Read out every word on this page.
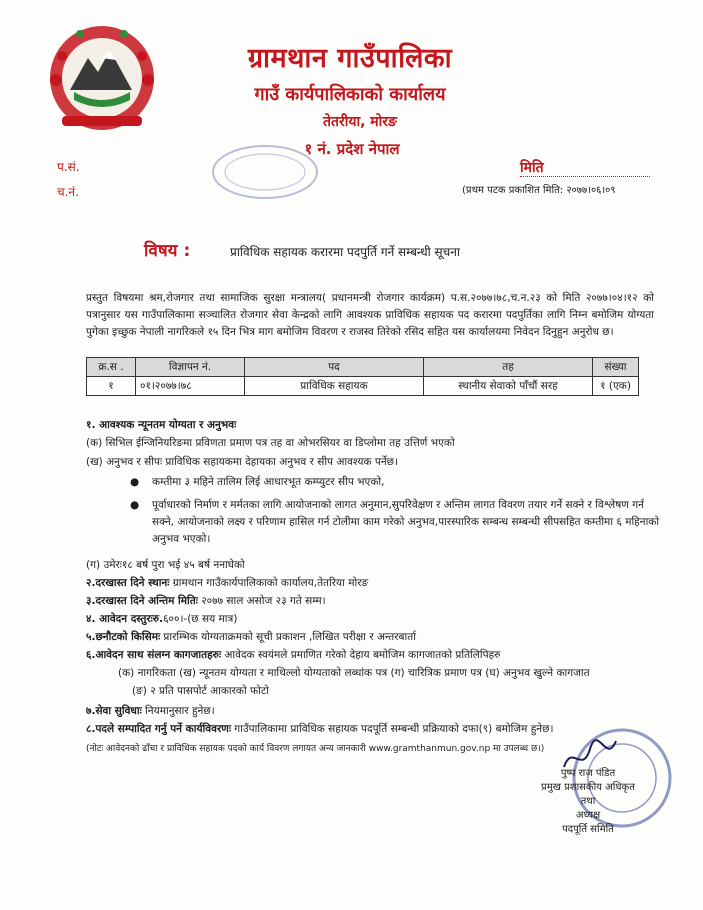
ग्रामथान गाउँपालिका
गाउँ कार्यपालिकाको कार्यालय
तेतरीया, मोरङ
१ नं. प्रदेश नेपाल
प.सं.
च.नं.
मिति
(प्रथम पटक प्रकाशित मिति: २०७७।०६।०९
विषय :	प्राविधिक सहायक करारमा पदपुर्ति गर्ने सम्बन्धी सूचना
प्रस्तुत विषयमा श्रम,रोजगार तथा सामाजिक सुरक्षा मन्त्रालय( प्रधानमन्त्री रोजगार कार्यक्रम) प.स.२०७७।७८,च.न.२३ को मिति २०७७।०४।१२ को पत्रानुसार यस गाउँपालिकामा सञ्चालित रोजगार सेवा केन्द्रको लागि आवश्यक प्राविधिक सहायक पद करारमा पदपुर्तिका लागि निम्न बमोजिम योग्यता पुगेका इच्छुक नेपाली नागरिकले १५ दिन भित्र माग बमोजिम विवरण र राजस्व तिरेको रसिद सहित यस कार्यालयमा निवेदन दिनुहुन अनुरोध छ।
क्र.स .	विज्ञापन नं.	पद	तह	संख्या
१	०१।२०७७।७८	प्राविधिक सहायक	स्थानीय सेवाको पाँचौं सरह	१ (एक)
१. आवश्यक न्यूनतम योग्यता र अनुभवः
(क) सिभिल ईन्जिनियरिङमा प्रविणता प्रमाण पत्र तह वा ओभरसियर वा डिप्लोमा तह उत्तिर्ण भएको
(ख) अनुभव र सीपः प्राविधिक सहायकमा देहायका अनुभव र सीप आवश्यक पर्नेछ।
● कम्तीमा ३ महिने तालिम लिई आधारभूत कम्प्युटर सीप भएको,
● पूर्वाधारको निर्माण र मर्मतका लागि आयोजनाको लागत अनुमान,सुपरिवेक्षण र अन्तिम लागत विवरण तयार गर्ने सक्ने र विश्लेषण गर्न सक्ने, आयोजनाको लक्ष्य र परिणाम हासिल गर्न टोलीमा काम गरेको अनुभव,पारस्पारिक सम्बन्ध सम्बन्धी सीपसहित कम्तीमा ६ महिनाको अनुभव भएको।
(ग) उमेरः१८ बर्ष पुरा भई ४५ बर्ष ननाघेको
२.दरखास्त दिने स्थानः ग्रामथान गाउँकार्यपालिकाको कार्यालय,तेतरिया मोरङ
३.दरखास्त दिने अन्तिम मितिः २०७७ साल असोज २३ गते सम्म।
४. आवेदन दस्तुरःरु.६००।-(छ सय मात्र)
५.छनौटको किसिमः प्रारम्भिक योग्यताक्रमको सूची प्रकाशन ,लिखित परीक्षा र अन्तरबार्ता
६.आवेदन साथ संलग्न कागजातहरुः आवेदक स्वयंमले प्रमाणित गरेको देहाय बमोजिम कागजातको प्रतिलिपिहरु
(क) नागरिकता (ख) न्यूनतम योग्यता र माथिल्लो योग्यताको लब्धांक पत्र (ग) चारित्रिक प्रमाण पत्र (घ) अनुभव खुल्ने कागजात
(ङ) २ प्रति पासपोर्ट आकारको फोटो
७.सेवा सुविधाः नियमानुसार हुनेछ।
८.पदले सम्पादित गर्नु पर्ने कार्यविवरणः गाउँपालिकामा प्राविधिक सहायक पदपूर्ति सम्बन्धी प्रक्रियाको दफा(९) बमोजिम हुनेछ।
(नोटः आवेदनको ढाँचा र प्राविधिक सहायक पदको कार्य विवरण लगायत अन्य जानकारी www.gramthanmun.gov.np मा उपलब्ध छ।)
पुष्प राज पंडित
प्रमुख प्रशासकीय अधिकृत
तथा
अध्यक्ष
पदपूर्ति समिति
